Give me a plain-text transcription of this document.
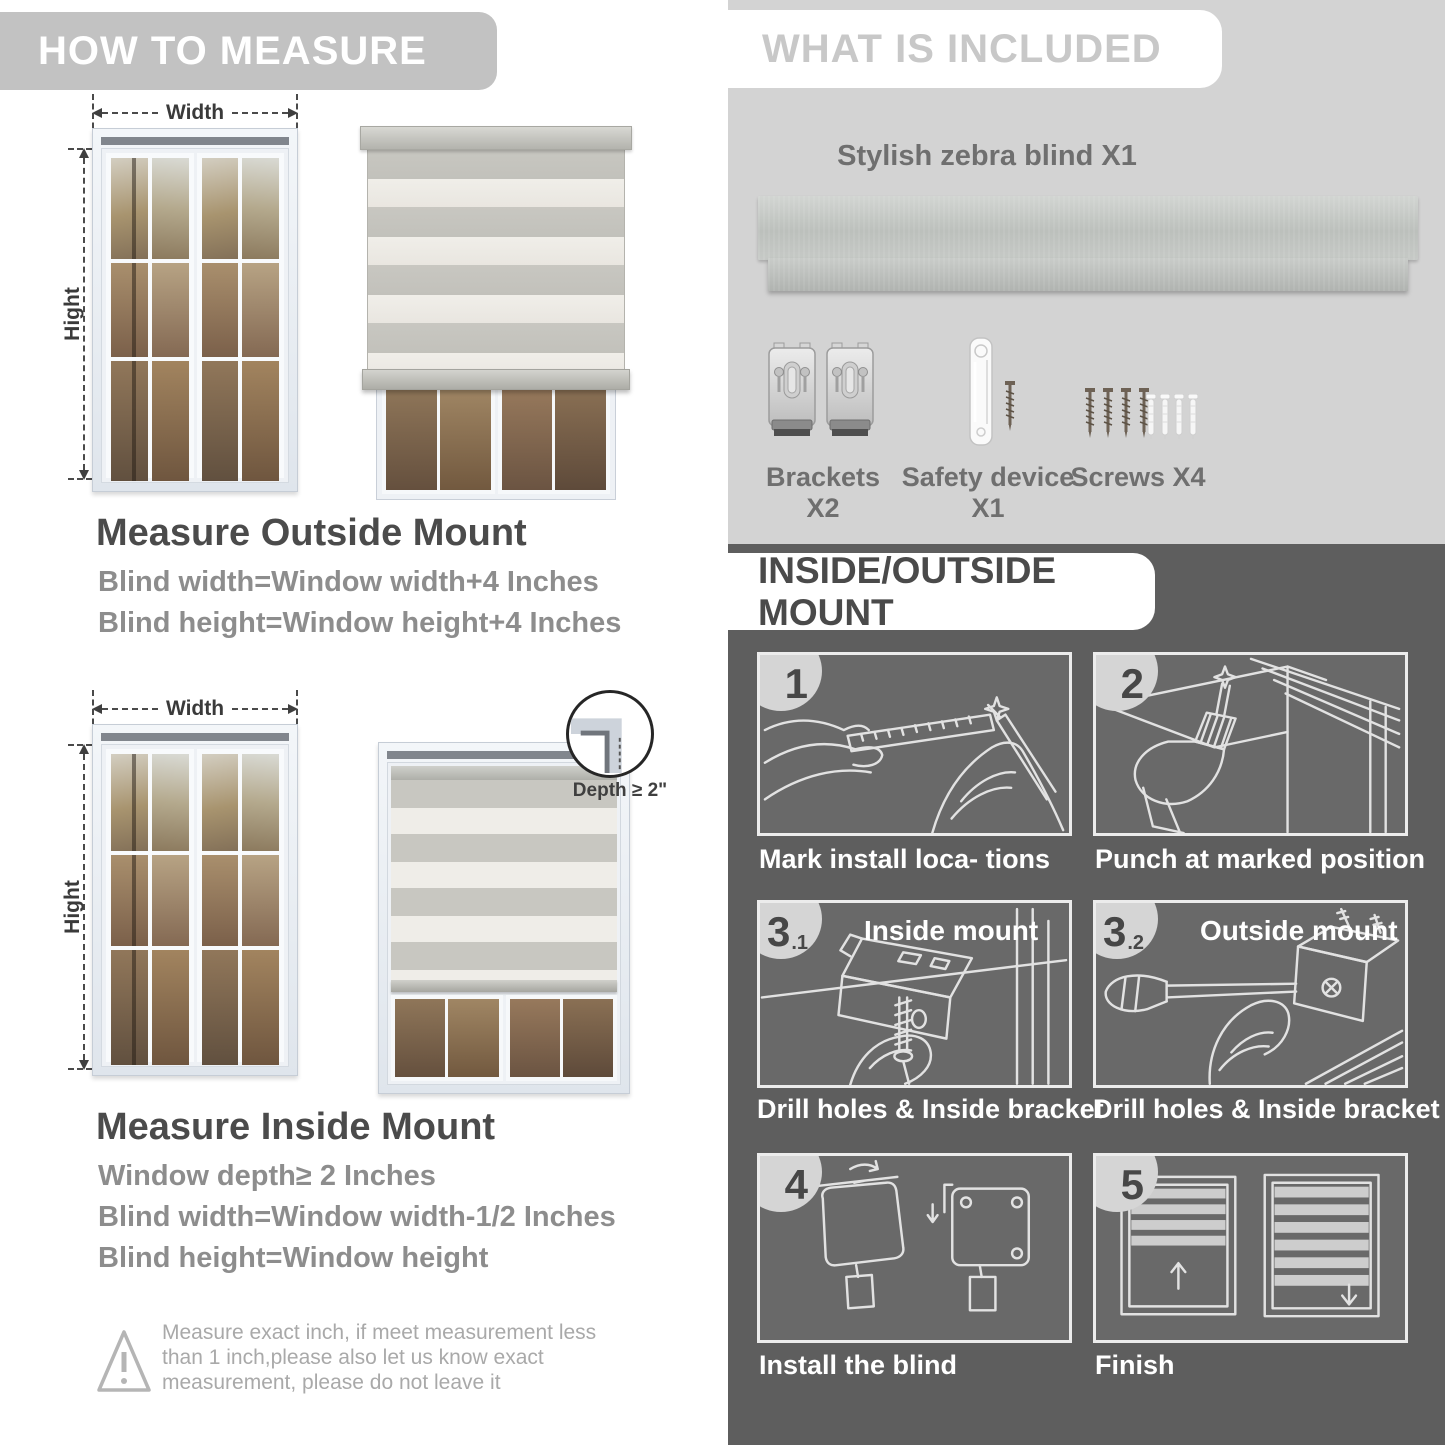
HOW TO MEASURE
Width
Hight
Measure Outside Mount
Blind width=Window width+4 Inches
Blind height=Window height+4 Inches
Width
Hight
Depth ≥ 2"
Measure Inside Mount
Window depth≥ 2 Inches
Blind width=Window width-1/2 Inches
Blind height=Window height
Measure exact inch, if meet measurement less than 1 inch,please also let us know exact measurement, please do not leave it
WHAT IS INCLUDED
Stylish zebra blind X1
Brackets X2
Safety device X1
Screws X4
INSIDE/OUTSIDE MOUNT
1
Mark install loca- tions
2
Punch at marked position
3 .1 Inside mount
Drill holes & Inside bracket
3 .2 Outside mount
Drill holes & Inside bracket
4
Install the blind
5
Finish
